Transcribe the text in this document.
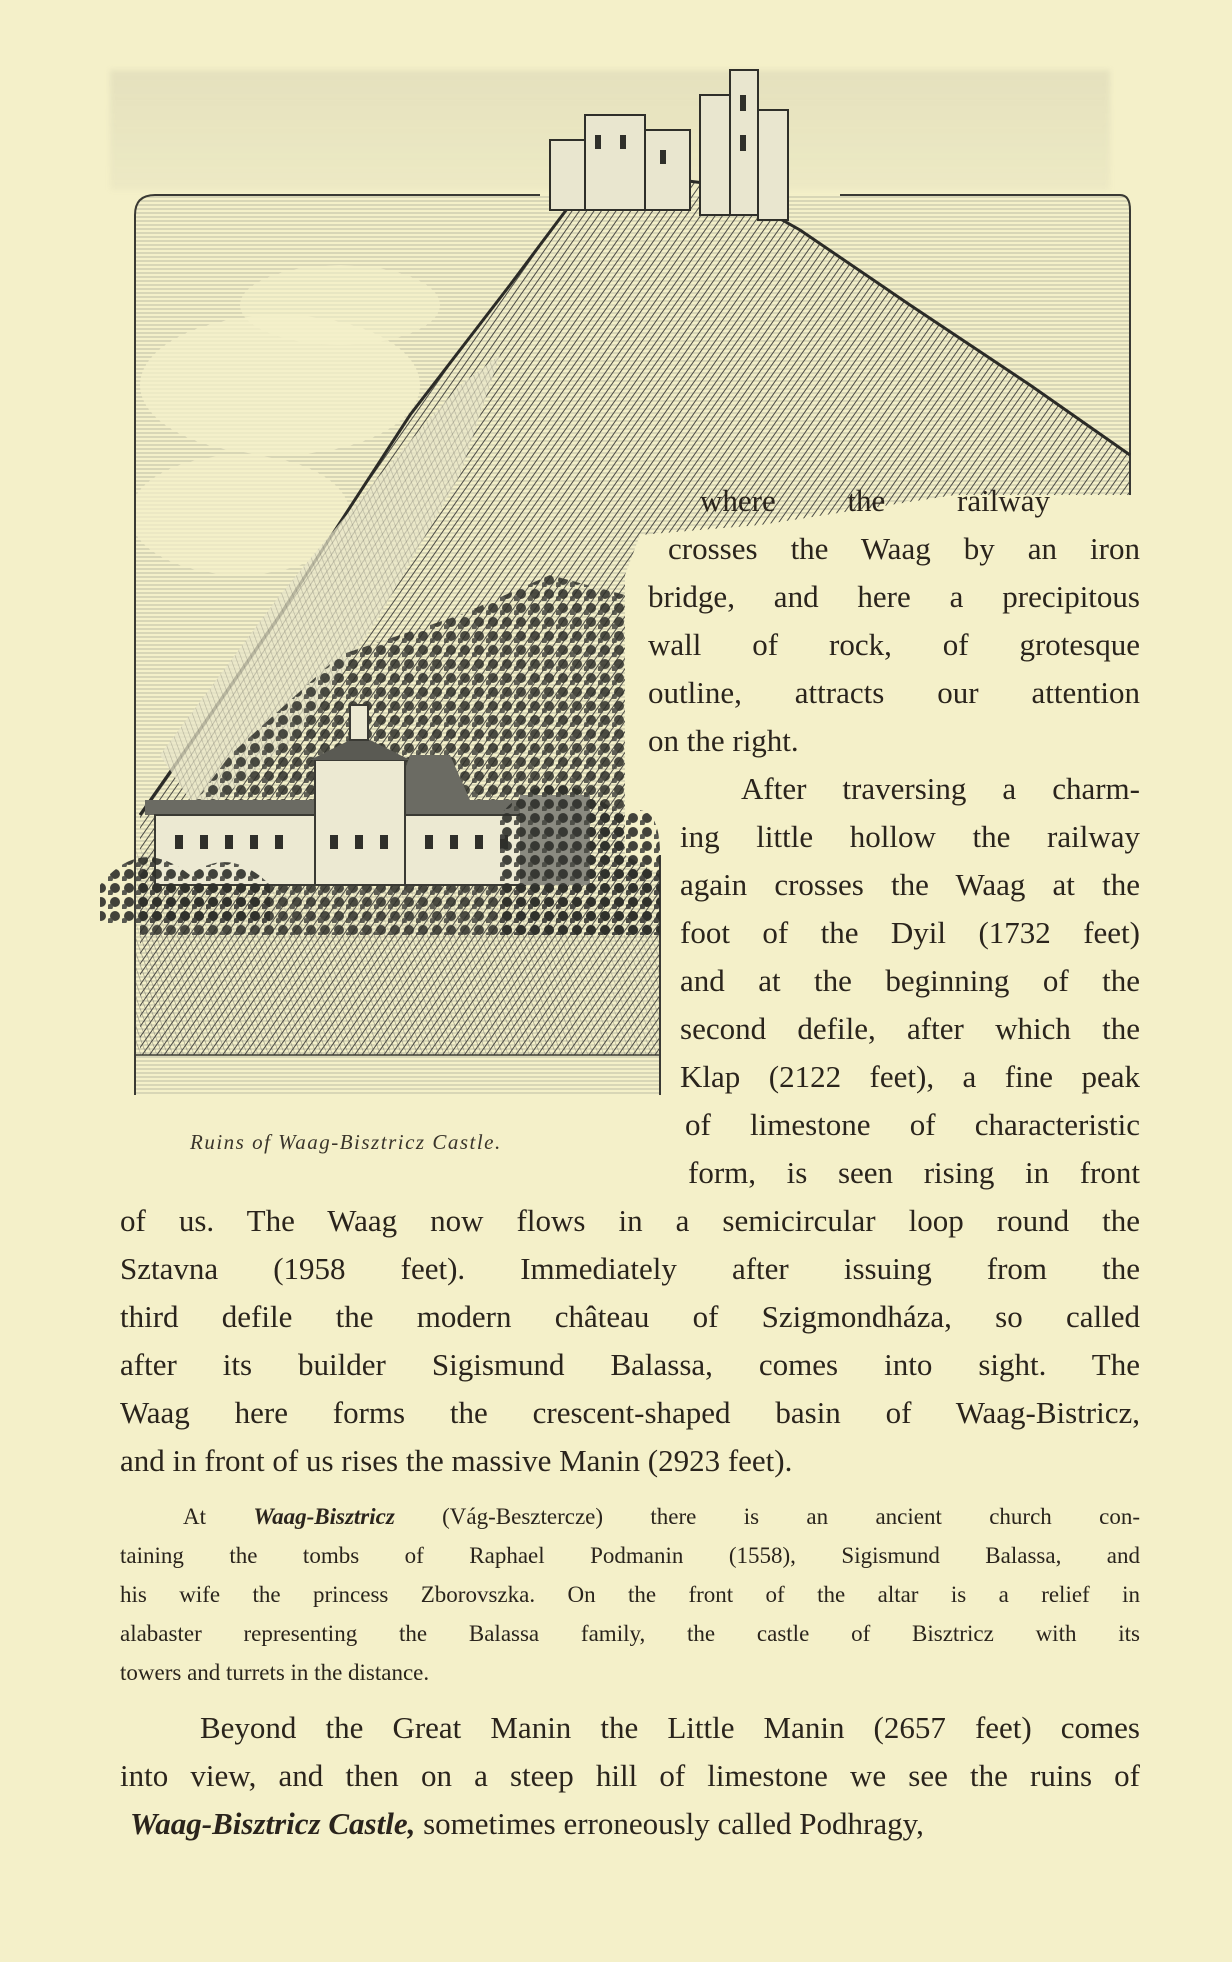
Ruins of Waag-Bisztricz Castle.
where the railway
crosses the Waag by an iron
bridge, and here a precipitous
wall of rock, of grotesque
outline, attracts our attention
on the right.
After traversing a charm-
ing little hollow the railway
again crosses the Waag at the
foot of the Dyil (1732 feet)
and at the beginning of the
second defile, after which the
Klap (2122 feet), a fine peak
of limestone of characteristic
form, is seen rising in front
of us. The Waag now flows in a semicircular loop round the
Sztavna (1958 feet). Immediately after issuing from the
third defile the modern château of Szigmondháza, so called
after its builder Sigismund Balassa, comes into sight. The
Waag here forms the crescent-shaped basin of Waag-Bistricz,
and in front of us rises the massive Manin (2923 feet).
At Waag-Bisztricz (Vág-Besztercze) there is an ancient church con-
taining the tombs of Raphael Podmanin (1558), Sigismund Balassa, and
his wife the princess Zborovszka. On the front of the altar is a relief in
alabaster representing the Balassa family, the castle of Bisztricz with its
towers and turrets in the distance.
Beyond the Great Manin the Little Manin (2657 feet) comes
into view, and then on a steep hill of limestone we see the ruins of
Waag-Bisztricz Castle, sometimes erroneously called Podhragy,
